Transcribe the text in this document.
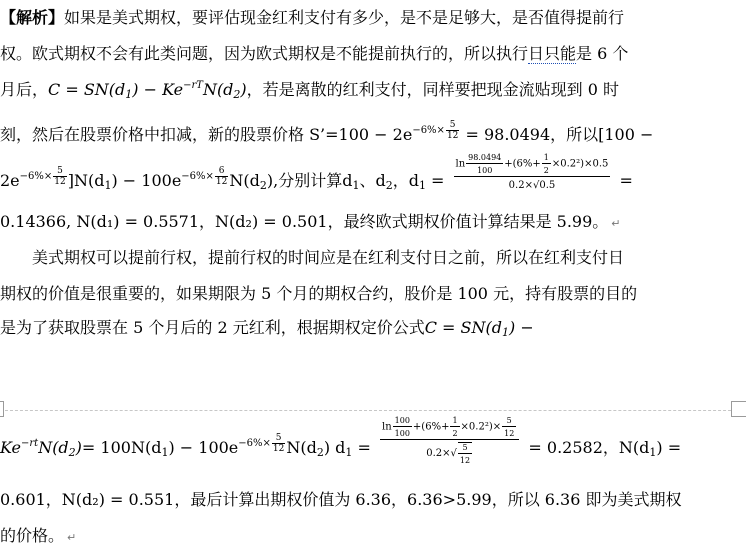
【解析】如果是美式期权，要评估现金红利支付有多少，是不是足够大，是否值得提前行
权。欧式期权不会有此类问题，因为欧式期权是不能提前执行的，所以执行日只能是 6 个
月后，$C = SN(d_1) - Ke^{-rT}N(d_2)$，若是离散的红利支付，同样要把现金流贴现到 0 时
刻，然后在股票价格中扣减，新的股票价格 S’=100 − $2e^{-6\%\times \frac{5}{12}} = 98.0494$，所以[100 −
$2e^{-6\%\times \frac{5}{12}}$ ]$N(d_1) - 100e^{-6\%\times \frac{6}{12}}$ $N(d_2)$,分别计算$d_1$、$d_2$，$d_1 = \frac{\ln \frac{98.0494}{100} +(6\%+ \frac{1}{2} \times 0.2^2)\times 0.5}{0.2\times√0.5}$ =
0.14366, N(d₁) = 0.5571，N(d₂) = 0.501，最终欧式期权价值计算结果是 5.99。 ↵
美式期权可以提前行权，提前行权的时间应是在红利支付日之前，所以在红利支付日
期权的价值是很重要的，如果期限为 5 个月的期权合约，股价是 100 元，持有股票的目的
是为了获取股票在 5 个月后的 2 元红利，根据期权定价公式$C = SN(d_1)$ −
$Ke^{-rt}N(d_2)= 100N(d_1) - 100e^{-6\%\times \frac{5}{12}}$ $N(d_2) d_1 = \frac{\ln \frac{100}{100} +(6\%+ \frac{1}{2} \times 0.2^2)\times \frac{5}{12}}{0.2\times√ \frac{5}{12}} = 0.2582$，$N(d_1)$ =
0.601，N(d₂) = 0.551，最后计算出期权价值为 6.36，6.36>5.99，所以 6.36 即为美式期权
的价格。 ↵
